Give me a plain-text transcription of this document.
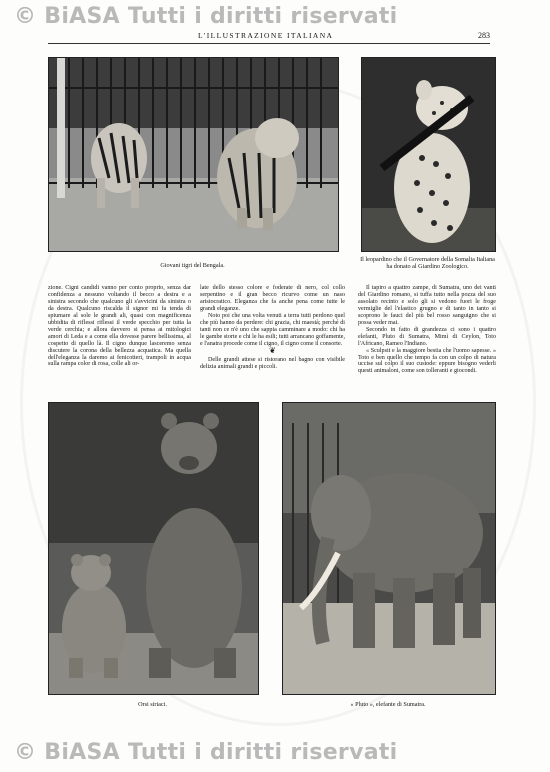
© BiASA Tutti i diritti riservati
L'ILLUSTRAZIONE ITALIANA	283
Giovani tigri del Bengala.
Il leopardino che il Governatore della Somalia Italiana ha donato al Giardino Zoologico.

zione. Cigni candidi vanno per conto proprio, senza dar confidenza a nessuno voltando il becco a destra e a sinistra secondo che qualcuno gli s'avvicini da sinistra o da destra. Qualcuno riscalda il signor mi fa tenda di spiumare al sole le grandi ali, quasi con magnificenza ubbidita di riflessi riflessi il verde specchio per tutta la verde cerchia; e allora davvero si pensa ai mitologici amori di Leda e a come ella dovesse parere bellissima, al cospetto di quello là. Il cigno dunque lasceremo senza discutere la corona della bellezza acquatica. Ma quella dell'eleganza la daremo ai fenicotteri, trampoli in acqua sulla rampa color di rosa, colle ali or-

late dello stesso colore e foderate di nero, col collo serpentino e il gran becco ricurvo come un naso aristocratico. Eleganza che fa anche pena come tutte le grandi eleganze.

Noto poi che una volta venuti a terra tutti perdono quel che più hanno da perdere: chi grazia, chi maestà; perché di tanti non ce n'è uno che sappia camminare a modo: chi ha le gambe storte e chi le ha esili; tutti arrancano goffamente, e l'anatra procede come il cigno, il cigno come il consorte.

❦

Delle grandi attese si ristorano nel bagno con visibile delizia animali grandi e piccoli.

Il tapiro a quattro zampe, di Sumatra, uno dei vanti del Giardino romano, si tuffa tutto nella pozza del suo assolato recinto e solo gli si vedono fuori le froge vermiglie del l'elastico grugno e di tanto in tanto si scoprono le fauci del più bel rosso sanguigno che si possa veder mai.

Secondo in fatto di grandezza ci sono i quattro elefanti, Pluto di Sumatra, Mimì di Ceylon, Toto l'Africano, Rameo l'Indiano.

« Sculpsit e la maggiore bestia che l'uomo sapesse. » Toto e ben quello che tempo fa con un colpo di natura uccise sul colpo il suo custode: eppure bisogno vederli questi animaloni, come son tolleranti e giocondi.

Orsi siriaci.	« Pluto », elefante di Sumatra.
© BiASA Tutti i diritti riservati
